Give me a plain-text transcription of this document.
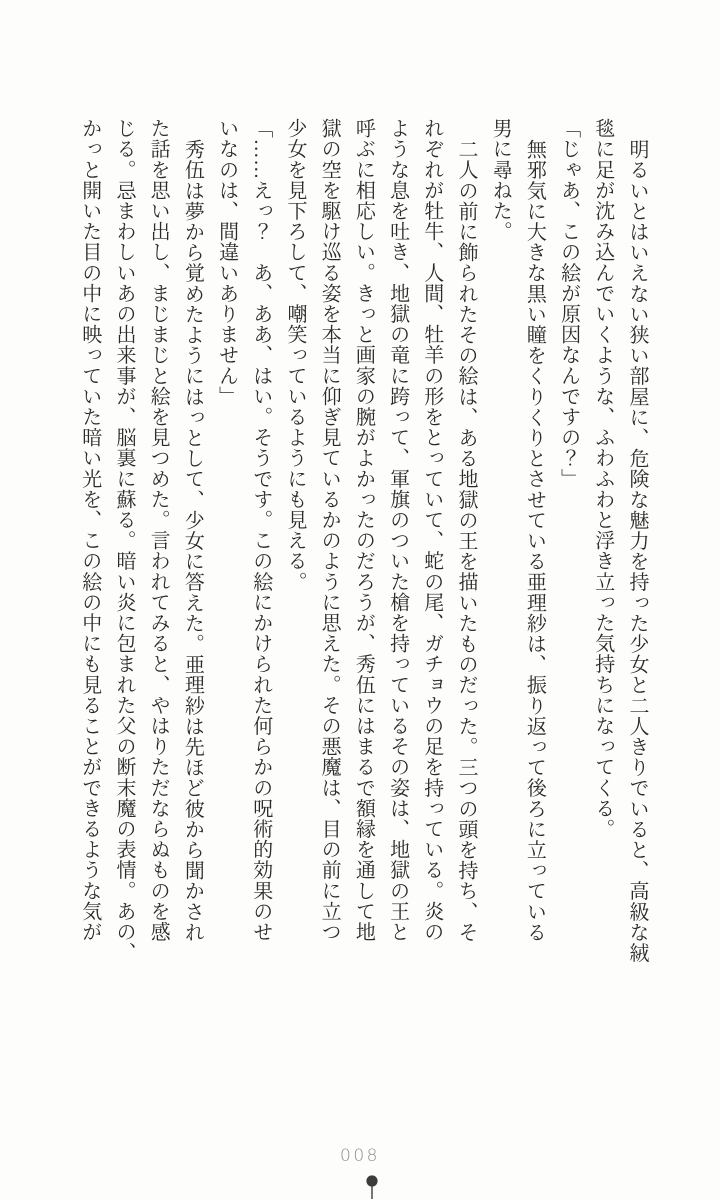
明るいとはいえない狭い部屋に、危険な魅力を持った少女と二人きりでいると、高級な絨
毯に足が沈み込んでいくような、ふわふわと浮き立った気持ちになってくる。
「じゃあ、この絵が原因なんですの？」
無邪気に大きな黒い瞳をくりくりとさせている亜理紗は、振り返って後ろに立っている
男に尋ねた。
二人の前に飾られたその絵は、ある地獄の王を描いたものだった。三つの頭を持ち、そ
れぞれが牡牛、人間、牡羊の形をとっていて、蛇の尾、ガチョウの足を持っている。炎の
ような息を吐き、地獄の竜に跨って、軍旗のついた槍を持っているその姿は、地獄の王と
呼ぶに相応しい。きっと画家の腕がよかったのだろうが、秀伍にはまるで額縁を通して地
獄の空を駆け巡る姿を本当に仰ぎ見ているかのように思えた。その悪魔は、目の前に立つ
少女を見下ろして、嘲笑っているようにも見える。
「……えっ？　あ、ああ、はい。そうです。この絵にかけられた何らかの呪術的効果のせ
いなのは、間違いありません」
秀伍は夢から覚めたようにはっとして、少女に答えた。亜理紗は先ほど彼から聞かされ
た話を思い出し、まじまじと絵を見つめた。言われてみると、やはりただならぬものを感
じる。忌まわしいあの出来事が、脳裏に蘇る。暗い炎に包まれた父の断末魔の表情。あの、
かっと開いた目の中に映っていた暗い光を、この絵の中にも見ることができるような気が
008
